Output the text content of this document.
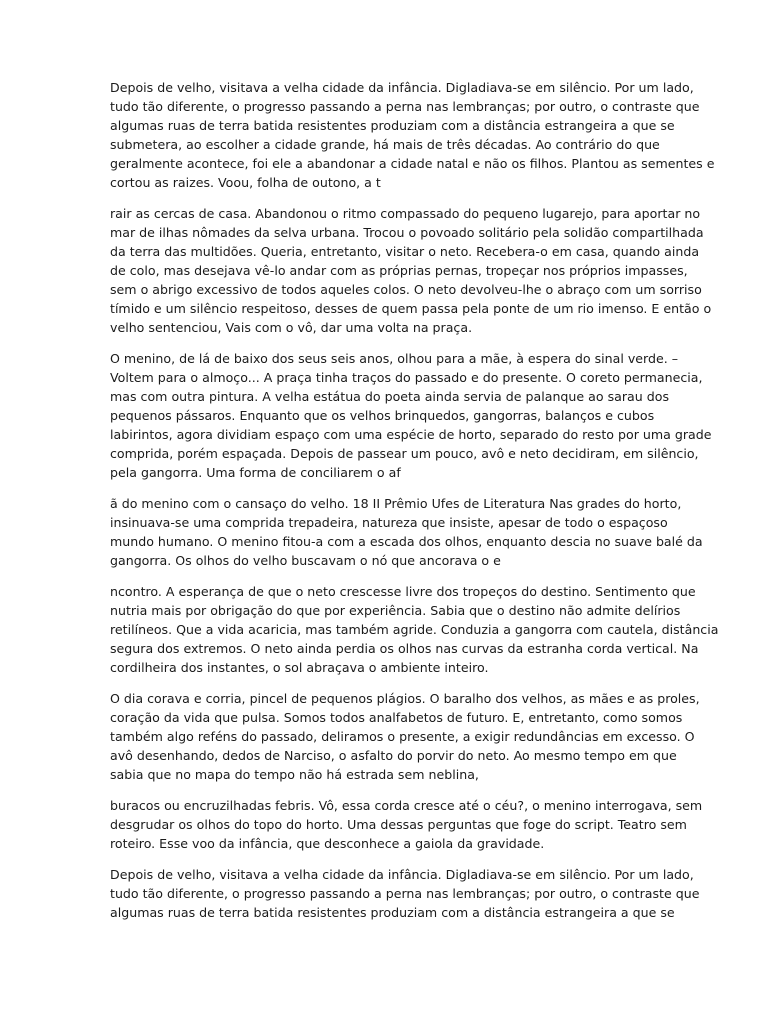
Depois de velho, visitava a velha cidade da infância. Digladiava-se em silêncio. Por um lado,
tudo tão diferente, o progresso passando a perna nas lembranças; por outro, o contraste que
algumas ruas de terra batida resistentes produziam com a distância estrangeira a que se
submetera, ao escolher a cidade grande, há mais de três décadas. Ao contrário do que
geralmente acontece, foi ele a abandonar a cidade natal e não os filhos. Plantou as sementes e
cortou as raizes. Voou, folha de outono, a t

rair as cercas de casa. Abandonou o ritmo compassado do pequeno lugarejo, para aportar no
mar de ilhas nômades da selva urbana. Trocou o povoado solitário pela solidão compartilhada
da terra das multidões. Queria, entretanto, visitar o neto. Recebera-o em casa, quando ainda
de colo, mas desejava vê-lo andar com as próprias pernas, tropeçar nos próprios impasses,
sem o abrigo excessivo de todos aqueles colos. O neto devolveu-lhe o abraço com um sorriso
tímido e um silêncio respeitoso, desses de quem passa pela ponte de um rio imenso. E então o
velho sentenciou, Vais com o vô, dar uma volta na praça.

O menino, de lá de baixo dos seus seis anos, olhou para a mãe, à espera do sinal verde. –
Voltem para o almoço... A praça tinha traços do passado e do presente. O coreto permanecia,
mas com outra pintura. A velha estátua do poeta ainda servia de palanque ao sarau dos
pequenos pássaros. Enquanto que os velhos brinquedos, gangorras, balanços e cubos
labirintos, agora dividiam espaço com uma espécie de horto, separado do resto por uma grade
comprida, porém espaçada. Depois de passear um pouco, avô e neto decidiram, em silêncio,
pela gangorra. Uma forma de conciliarem o af

ã do menino com o cansaço do velho. 18 II Prêmio Ufes de Literatura Nas grades do horto,
insinuava-se uma comprida trepadeira, natureza que insiste, apesar de todo o espaçoso
mundo humano. O menino fitou-a com a escada dos olhos, enquanto descia no suave balé da
gangorra. Os olhos do velho buscavam o nó que ancorava o e

ncontro. A esperança de que o neto crescesse livre dos tropeços do destino. Sentimento que
nutria mais por obrigação do que por experiência. Sabia que o destino não admite delírios
retilíneos. Que a vida acaricia, mas também agride. Conduzia a gangorra com cautela, distância
segura dos extremos. O neto ainda perdia os olhos nas curvas da estranha corda vertical. Na
cordilheira dos instantes, o sol abraçava o ambiente inteiro.

O dia corava e corria, pincel de pequenos plágios. O baralho dos velhos, as mães e as proles,
coração da vida que pulsa. Somos todos analfabetos de futuro. E, entretanto, como somos
também algo reféns do passado, deliramos o presente, a exigir redundâncias em excesso. O
avô desenhando, dedos de Narciso, o asfalto do porvir do neto. Ao mesmo tempo em que
sabia que no mapa do tempo não há estrada sem neblina,

buracos ou encruzilhadas febris. Vô, essa corda cresce até o céu?, o menino interrogava, sem
desgrudar os olhos do topo do horto. Uma dessas perguntas que foge do script. Teatro sem
roteiro. Esse voo da infância, que desconhece a gaiola da gravidade.

Depois de velho, visitava a velha cidade da infância. Digladiava-se em silêncio. Por um lado,
tudo tão diferente, o progresso passando a perna nas lembranças; por outro, o contraste que
algumas ruas de terra batida resistentes produziam com a distância estrangeira a que se
